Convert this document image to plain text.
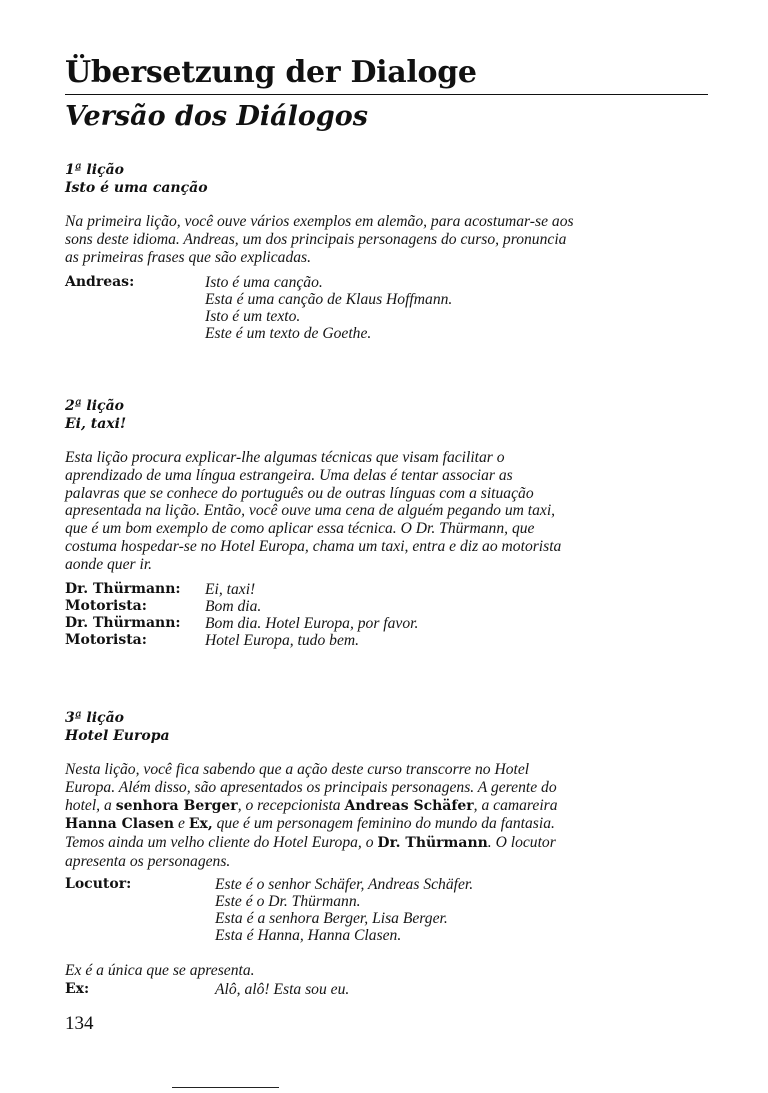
Übersetzung der Dialoge
Versão dos Diálogos

1ª lição

Isto é uma canção

Na primeira lição, você ouve vários exemplos em alemão, para acostumar-se aos
sons deste idioma. Andreas, um dos principais personagens do curso, pronuncia
as primeiras frases que são explicadas.
Andreas:	Isto é uma canção.
Esta é uma canção de Klaus Hoffmann.
Isto é um texto.
Este é um texto de Goethe.

2ª lição

Ei, taxi!

Esta lição procura explicar-lhe algumas técnicas que visam facilitar o
aprendizado de uma língua estrangeira. Uma delas é tentar associar as
palavras que se conhece do português ou de outras línguas com a situação
apresentada na lição. Então, você ouve uma cena de alguém pegando um taxi,
que é um bom exemplo de como aplicar essa técnica. O Dr. Thürmann, que
costuma hospedar-se no Hotel Europa, chama um taxi, entra e diz ao motorista
aonde quer ir.
Dr. Thürmann: Ei, taxi!
Motorista:	Bom dia.
Dr. Thürmann: Bom dia. Hotel Europa, por favor.
Motorista:	Hotel Europa, tudo bem.

3ª lição

Hotel Europa

Nesta lição, você fica sabendo que a ação deste curso transcorre no Hotel
Europa. Além disso, são apresentados os principais personagens. A gerente do
hotel, a senhora Berger, o recepcionista Andreas Schäfer, a camareira
Hanna Clasen e Ex, que é um personagem feminino do mundo da fantasia.
Temos ainda um velho cliente do Hotel Europa, o Dr. Thürmann. O locutor
apresenta os personagens.
Locutor:	Este é o senhor Schäfer, Andreas Schäfer.
Este é o Dr. Thürmann.
Esta é a senhora Berger, Lisa Berger.
Esta é Hanna, Hanna Clasen.
Ex é a única que se apresenta.
Ex:	Alô, alô! Esta sou eu.

134
